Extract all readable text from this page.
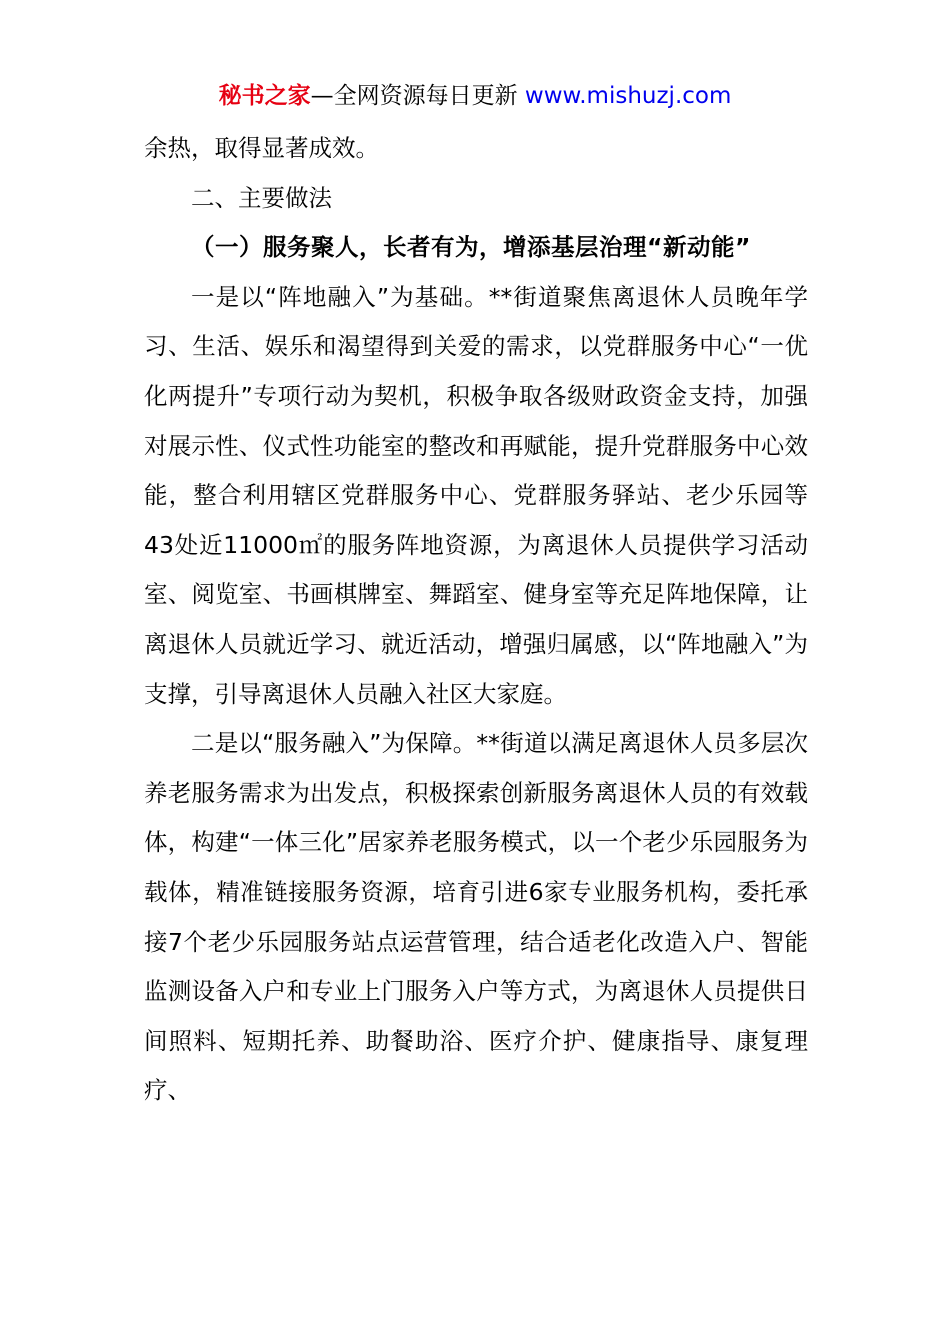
秘书之家—全网资源每日更新 www.mishuzj.com

余热，取得显著成效。

二、主要做法

（一）服务聚人，长者有为，增添基层治理“新动能”

一是以“阵地融入”为基础。**街道聚焦离退休人员晚年学习、生活、娱乐和渴望得到关爱的需求，以党群服务中心“一优化两提升”专项行动为契机，积极争取各级财政资金支持，加强对展示性、仪式性功能室的整改和再赋能，提升党群服务中心效能，整合利用辖区党群服务中心、党群服务驿站、老少乐园等43处近11000㎡的服务阵地资源，为离退休人员提供学习活动室、阅览室、书画棋牌室、舞蹈室、健身室等充足阵地保障，让离退休人员就近学习、就近活动，增强归属感，以“阵地融入”为支撑，引导离退休人员融入社区大家庭。

二是以“服务融入”为保障。**街道以满足离退休人员多层次养老服务需求为出发点，积极探索创新服务离退休人员的有效载体，构建“一体三化”居家养老服务模式，以一个老少乐园服务为载体，精准链接服务资源，培育引进6家专业服务机构，委托承接7个老少乐园服务站点运营管理，结合适老化改造入户、智能监测设备入户和专业上门服务入户等方式，为离退休人员提供日间照料、短期托养、助餐助浴、医疗介护、健康指导、康复理疗、
